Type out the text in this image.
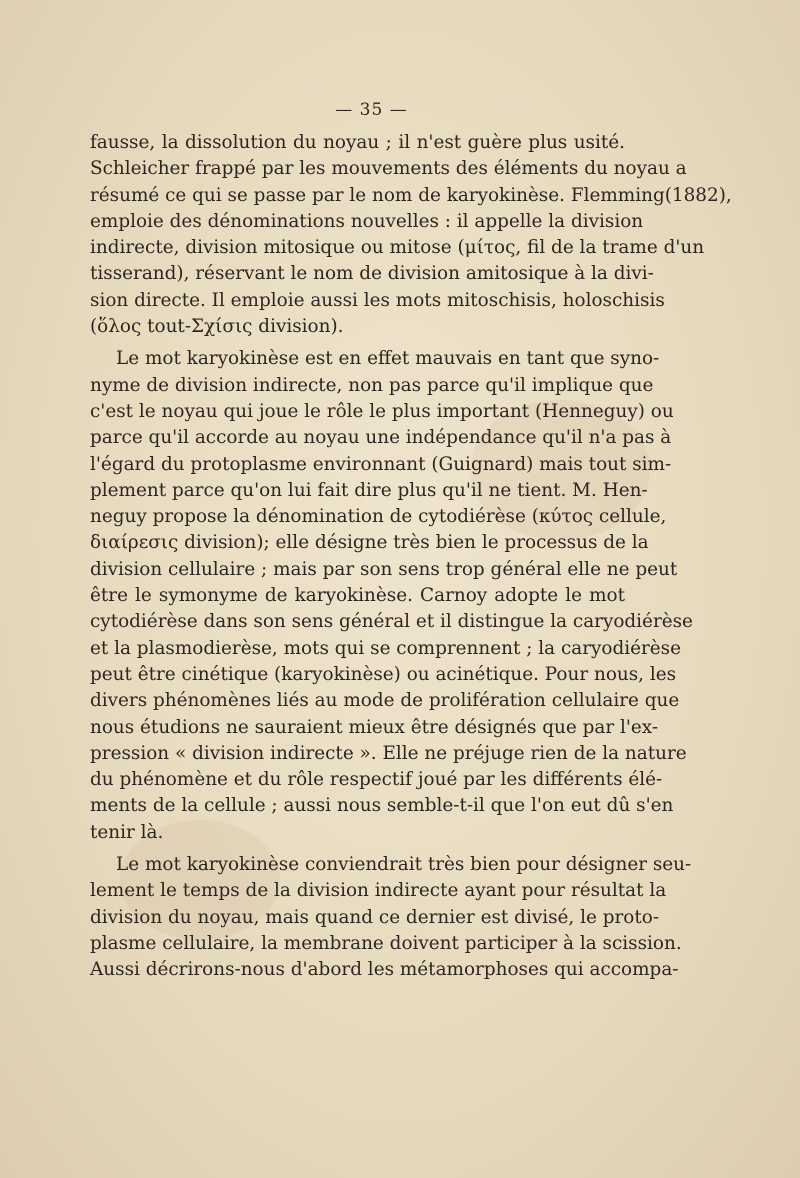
— 35 —
fausse, la dissolution du noyau ; il n'est guère plus usité.
Schleicher frappé par les mouvements des éléments du noyau a
résumé ce qui se passe par le nom de karyokinèse. Flemming(1882),
emploie des dénominations nouvelles : il appelle la division
indirecte, division mitosique ou mitose (μίτος, fil de la trame d'un
tisserand), réservant le nom de division amitosique à la divi-
sion directe. Il emploie aussi les mots mitoschisis, holoschisis
(ὅλος tout-Σχίσις division).
Le mot karyokinèse est en effet mauvais en tant que syno-
nyme de division indirecte, non pas parce qu'il implique que
c'est le noyau qui joue le rôle le plus important (Henneguy) ou
parce qu'il accorde au noyau une indépendance qu'il n'a pas à
l'égard du protoplasme environnant (Guignard) mais tout sim-
plement parce qu'on lui fait dire plus qu'il ne tient. M. Hen-
neguy propose la dénomination de cytodiérèse (κύτος cellule,
διαίρεσις division); elle désigne très bien le processus de la
division cellulaire ; mais par son sens trop général elle ne peut
être le symonyme de karyokinèse. Carnoy adopte le mot
cytodiérèse dans son sens général et il distingue la caryodiérèse
et la plasmodierèse, mots qui se comprennent ; la caryodiérèse
peut être cinétique (karyokinèse) ou acinétique. Pour nous, les
divers phénomènes liés au mode de prolifération cellulaire que
nous étudions ne sauraient mieux être désignés que par l'ex-
pression « division indirecte ». Elle ne préjuge rien de la nature
du phénomène et du rôle respectif joué par les différents élé-
ments de la cellule ; aussi nous semble-t-il que l'on eut dû s'en
tenir là.
Le mot karyokinèse conviendrait très bien pour désigner seu-
lement le temps de la division indirecte ayant pour résultat la
division du noyau, mais quand ce dernier est divisé, le proto-
plasme cellulaire, la membrane doivent participer à la scission.
Aussi décrirons-nous d'abord les métamorphoses qui accompa-
